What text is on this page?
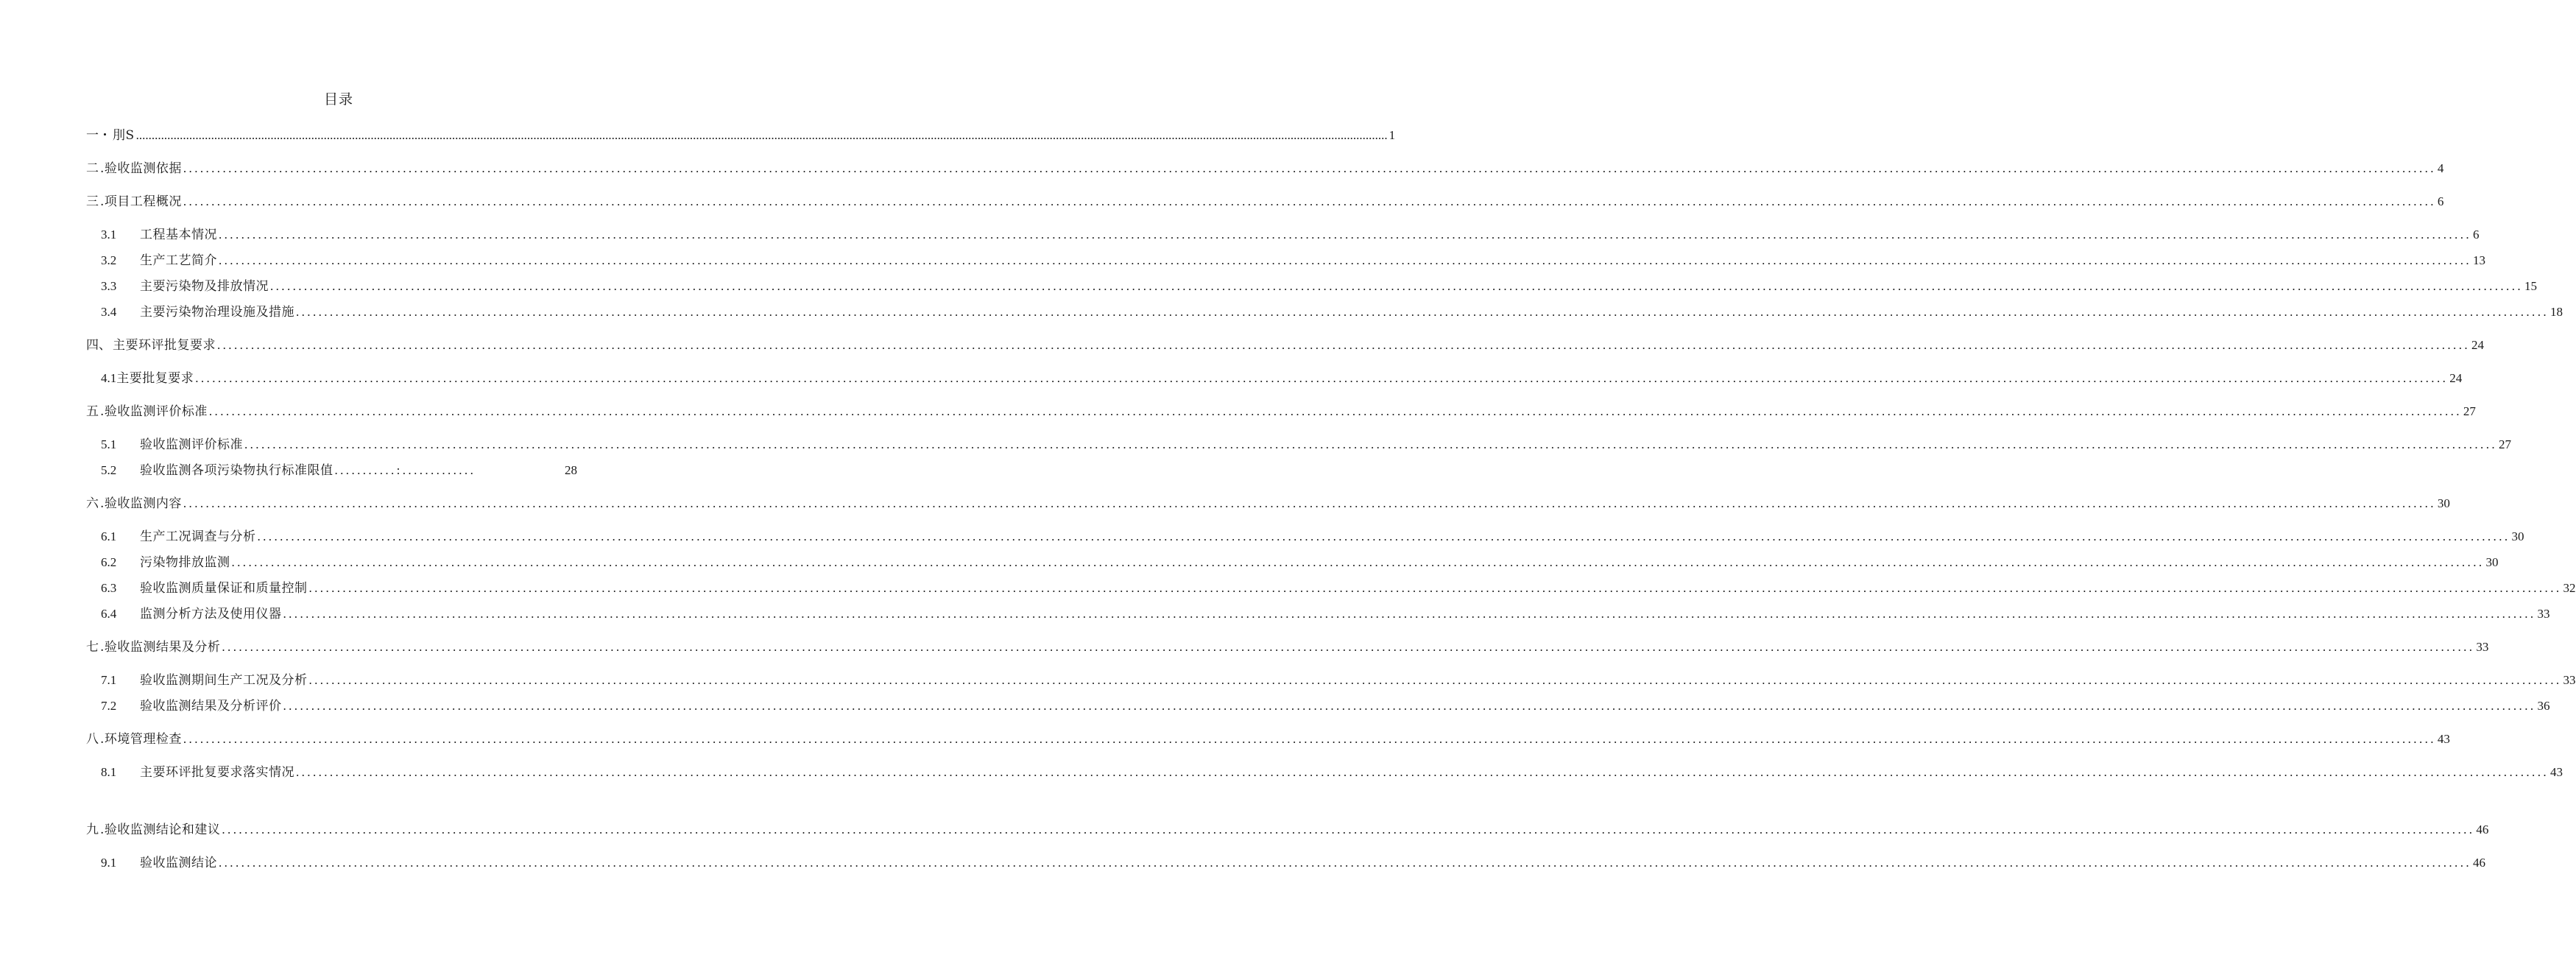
目录
一・ 刖S ................................................................................................................................................................................................................................................................................................................................................................................................................ 1
二 .验收监测依据 ................................................................................................................................................................................................................................................................................................................................................................................................................ 4
三 .项目工程概况 ................................................................................................................................................................................................................................................................................................................................................................................................................ 6
3.1	工程基本情况 ................................................................................................................................................................................................................................................................................................................................................................................................................ 6
3.2	生产工艺简介 ................................................................................................................................................................................................................................................................................................................................................................................................................ 13
3.3	主要污染物及排放情况 ................................................................................................................................................................................................................................................................................................................................................................................................................ 15
3.4	主要污染物治理设施及措施 ................................................................................................................................................................................................................................................................................................................................................................................................................ 18
四、 主要环评批复要求 ................................................................................................................................................................................................................................................................................................................................................................................................................ 24
4.1 主要批复要求 ................................................................................................................................................................................................................................................................................................................................................................................................................ 24
五 .验收监测评价标准 ................................................................................................................................................................................................................................................................................................................................................................................................................ 27
5.1	验收监测评价标准 ................................................................................................................................................................................................................................................................................................................................................................................................................ 27
5.2	验收监测各项污染物执行标准限值 ...........:.............	28
六 .验收监测内容 ................................................................................................................................................................................................................................................................................................................................................................................................................ 30
6.1	生产工况调查与分析 ................................................................................................................................................................................................................................................................................................................................................................................................................ 30
6.2	污染物排放监测 ................................................................................................................................................................................................................................................................................................................................................................................................................ 30
6.3	验收监测质量保证和质量控制 ................................................................................................................................................................................................................................................................................................................................................................................................................ 32
6.4	监测分析方法及使用仪器 ................................................................................................................................................................................................................................................................................................................................................................................................................ 33
七 .验收监测结果及分析 ................................................................................................................................................................................................................................................................................................................................................................................................................ 33
7.1	验收监测期间生产工况及分析 ................................................................................................................................................................................................................................................................................................................................................................................................................ 33
7.2	验收监测结果及分析评价 ................................................................................................................................................................................................................................................................................................................................................................................................................ 36
八 .环境管理检查 ................................................................................................................................................................................................................................................................................................................................................................................................................ 43
8.1	主要环评批复要求落实情况 ................................................................................................................................................................................................................................................................................................................................................................................................................ 43
九 .验收监测结论和建议 ................................................................................................................................................................................................................................................................................................................................................................................................................ 46
9.1	验收监测结论 ................................................................................................................................................................................................................................................................................................................................................................................................................ 46
